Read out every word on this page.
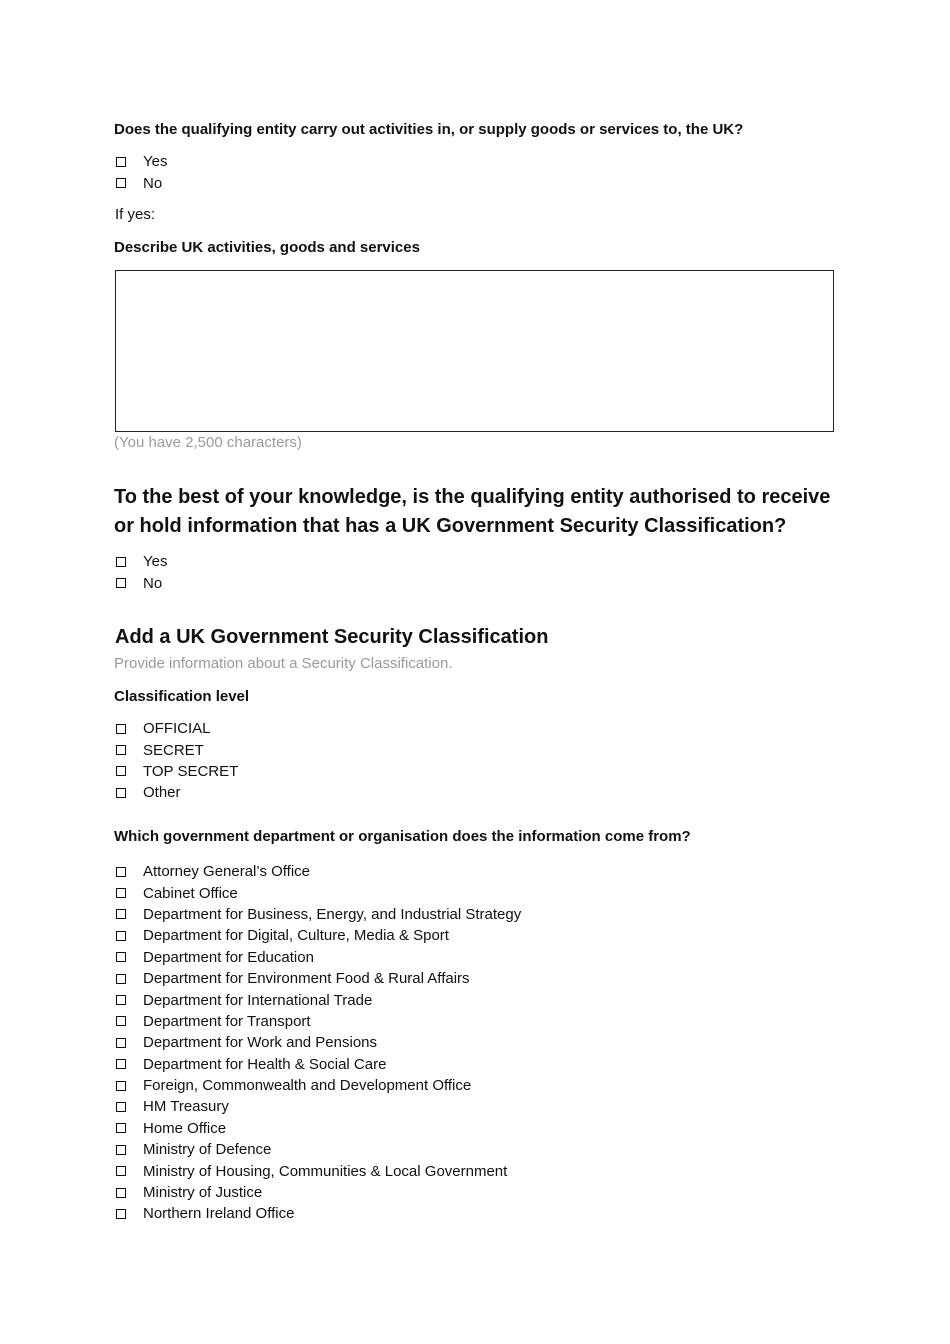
Does the qualifying entity carry out activities in, or supply goods or services to, the UK?
Yes
No
If yes:
Describe UK activities, goods and services
(You have 2,500 characters)
To the best of your knowledge, is the qualifying entity authorised to receive or hold information that has a UK Government Security Classification?
Yes
No
Add a UK Government Security Classification
Provide information about a Security Classification.
Classification level
OFFICIAL
SECRET
TOP SECRET
Other
Which government department or organisation does the information come from?
Attorney General’s Office
Cabinet Office
Department for Business, Energy, and Industrial Strategy
Department for Digital, Culture, Media & Sport
Department for Education
Department for Environment Food & Rural Affairs
Department for International Trade
Department for Transport
Department for Work and Pensions
Department for Health & Social Care
Foreign, Commonwealth and Development Office
HM Treasury
Home Office
Ministry of Defence
Ministry of Housing, Communities & Local Government
Ministry of Justice
Northern Ireland Office
